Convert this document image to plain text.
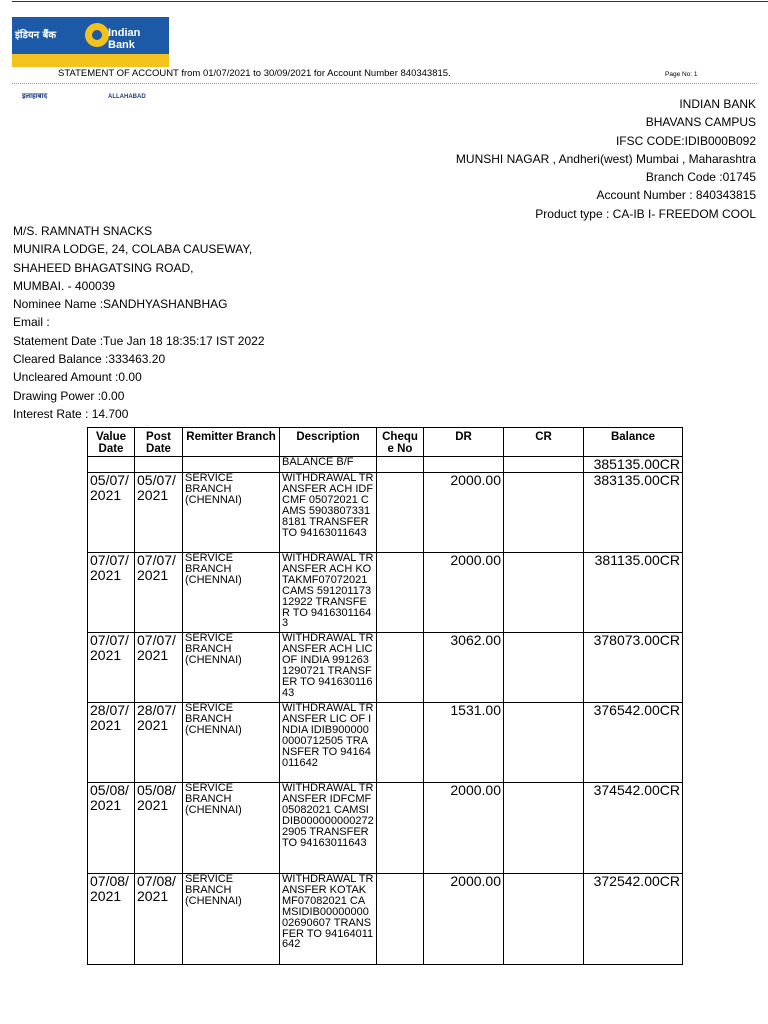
इंडियन बैंक	Indian Bank
इलाहाबाद	ALLAHABAD
STATEMENT OF ACCOUNT from 01/07/2021 to 30/09/2021 for Account Number 840343815.	Page No: 1
INDIAN BANK
BHAVANS CAMPUS
IFSC CODE:IDIB000B092
MUNSHI NAGAR , Andheri(west) Mumbai , Maharashtra
Branch Code :01745
Account Number : 840343815
Product type : CA-IB I- FREEDOM COOL
M/S. RAMNATH SNACKS
MUNIRA LODGE, 24, COLABA CAUSEWAY,
SHAHEED BHAGATSING ROAD,
MUMBAI. - 400039
Nominee Name :SANDHYASHANBHAG
Email :
Statement Date :Tue Jan 18 18:35:17 IST 2022
Cleared Balance :333463.20
Uncleared Amount :0.00
Drawing Power :0.00
Interest Rate : 14.700
Value Date	Post Date	Remitter Branch	Description	Cheque No	DR	CR	Balance
			BALANCE B/F				385135.00CR
05/07/2021	05/07/2021	SERVICE BRANCH (CHENNAI)	WITHDRAWAL TRANSFER ACH IDFCMF 05072021 CAMS 59038073318181 TRANSFER TO 94163011643		2000.00		383135.00CR
07/07/2021	07/07/2021	SERVICE BRANCH (CHENNAI)	WITHDRAWAL TRANSFER ACH KOTAKMF07072021 CAMS 59120117312922 TRANSFER TO 94163011643		2000.00		381135.00CR
07/07/2021	07/07/2021	SERVICE BRANCH (CHENNAI)	WITHDRAWAL TRANSFER ACH LIC OF INDIA 9912631290721 TRANSFER TO 94163011643		3062.00		378073.00CR
28/07/2021	28/07/2021	SERVICE BRANCH (CHENNAI)	WITHDRAWAL TRANSFER LIC OF INDIA IDIB9000000000712505 TRANSFER TO 94164011642		1531.00		376542.00CR
05/08/2021	05/08/2021	SERVICE BRANCH (CHENNAI)	WITHDRAWAL TRANSFER IDFCMF 05082021 CAMSIDIB0000000002722905 TRANSFER TO 94163011643		2000.00		374542.00CR
07/08/2021	07/08/2021	SERVICE BRANCH (CHENNAI)	WITHDRAWAL TRANSFER KOTAKMF07082021 CAMSIDIB0000000002690607 TRANSFER TO 94164011642		2000.00		372542.00CR
